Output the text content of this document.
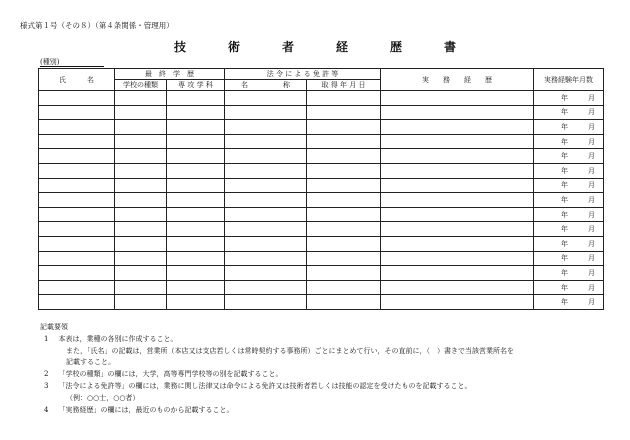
様式第１号（その８）（第４条関係・管理用）
技	術	者	経	歴	書
(種別)
氏　　　名	最　終　学　歴		法 令 に よ る 免 許 等		実　　務　　経　　歴	実務経験年月数
	学校の種類	専 攻 学 科	名　　　　　称	取 得 年 月 日		

						年 月

						年 月

						年 月

						年 月

						年 月

						年 月

						年 月

						年 月

						年 月

						年 月

						年 月

						年 月

						年 月

						年 月

						年 月
記載要領
1 本表は，業種の各別に作成すること。
また，「氏名」の記載は，営業所（本店又は支店若しくは常時契約する事務所）ごとにまとめて行い，その直前に，（　）書きで当該営業所名を
記載すること。
2 「学校の種類」の欄には，大学，高等専門学校等の別を記載すること。
3 「法令による免許等」の欄には，業務に関し法律又は命令による免許又は技術者若しくは技能の認定を受けたものを記載すること。
（例：○○士，○○者）
4 「実務経歴」の欄には，最近のものから記載すること。
